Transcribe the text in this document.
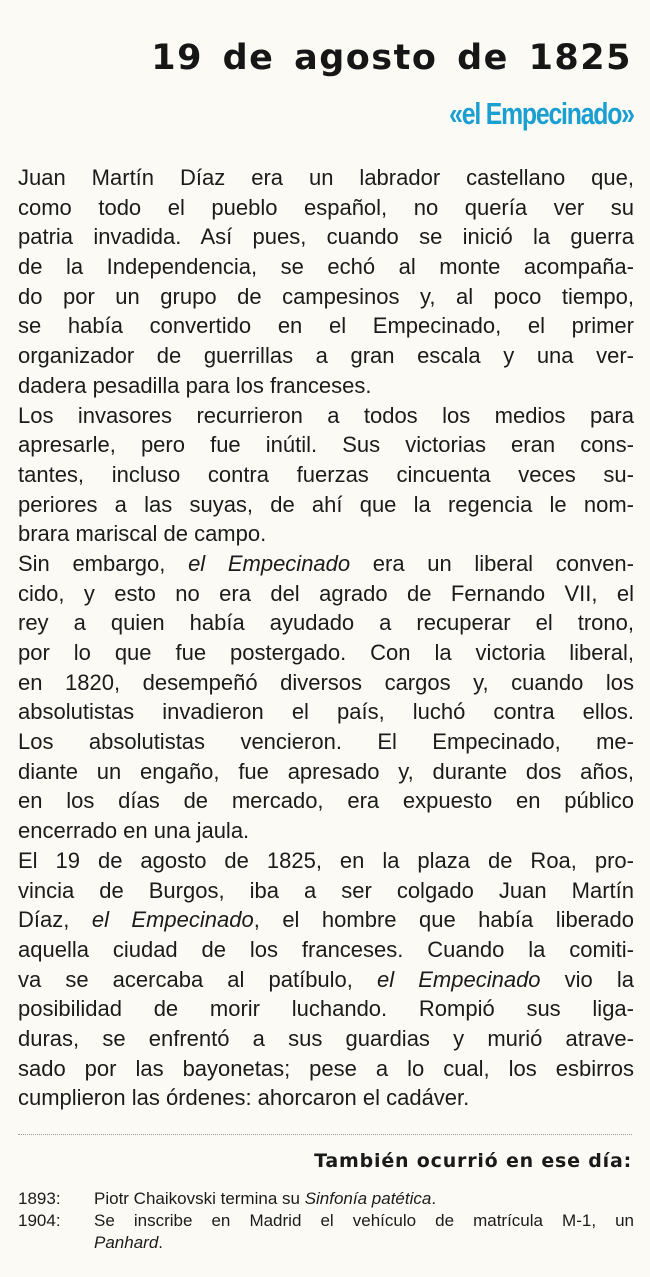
19 de agosto de 1825
«el Empecinado»
Juan Martín Díaz era un labrador castellano que,
como todo el pueblo español, no quería ver su
patria invadida. Así pues, cuando se inició la guerra
de la Independencia, se echó al monte acompaña-
do por un grupo de campesinos y, al poco tiempo,
se había convertido en el Empecinado, el primer
organizador de guerrillas a gran escala y una ver-
dadera pesadilla para los franceses.
Los invasores recurrieron a todos los medios para
apresarle, pero fue inútil. Sus victorias eran cons-
tantes, incluso contra fuerzas cincuenta veces su-
periores a las suyas, de ahí que la regencia le nom-
brara mariscal de campo.
Sin embargo, el Empecinado era un liberal conven-
cido, y esto no era del agrado de Fernando VII, el
rey a quien había ayudado a recuperar el trono,
por lo que fue postergado. Con la victoria liberal,
en 1820, desempeñó diversos cargos y, cuando los
absolutistas invadieron el país, luchó contra ellos.
Los absolutistas vencieron. El Empecinado, me-
diante un engaño, fue apresado y, durante dos años,
en los días de mercado, era expuesto en público
encerrado en una jaula.
El 19 de agosto de 1825, en la plaza de Roa, pro-
vincia de Burgos, iba a ser colgado Juan Martín
Díaz, el Empecinado, el hombre que había liberado
aquella ciudad de los franceses. Cuando la comiti-
va se acercaba al patíbulo, el Empecinado vio la
posibilidad de morir luchando. Rompió sus liga-
duras, se enfrentó a sus guardias y murió atrave-
sado por las bayonetas; pese a lo cual, los esbirros
cumplieron las órdenes: ahorcaron el cadáver.
También ocurrió en ese día:
1893:	Piotr Chaikovski termina su Sinfonía patética.
1904:	Se inscribe en Madrid el vehículo de matrícula M-1, un
Panhard.
